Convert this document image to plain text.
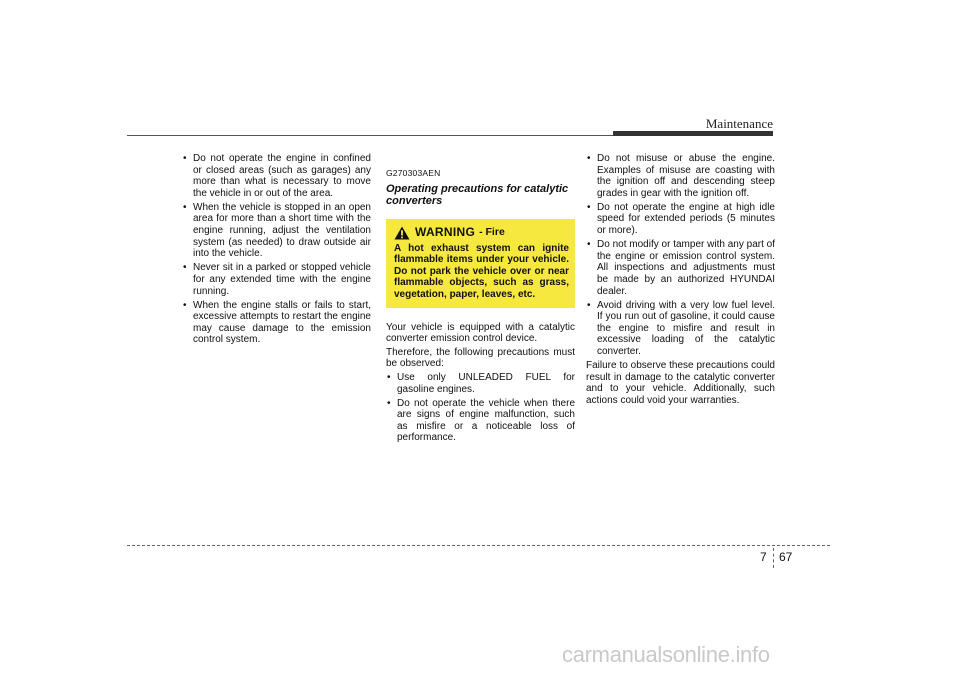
Maintenance
• Do not operate the engine in confined or closed areas (such as garages) any more than what is necessary to move the vehicle in or out of the area.
• When the vehicle is stopped in an open area for more than a short time with the engine running, adjust the ventilation system (as needed) to draw outside air into the vehicle.
• Never sit in a parked or stopped vehicle for any extended time with the engine running.
• When the engine stalls or fails to start, excessive attempts to restart the engine may cause damage to the emission control system.
G270303AEN
Operating precautions for catalytic converters
WARNING - Fire
A hot exhaust system can ignite flammable items under your vehicle. Do not park the vehicle over or near flammable objects, such as grass, vegetation, paper, leaves, etc.

Your vehicle is equipped with a catalytic converter emission control device.

Therefore, the following precautions must be observed:

• Use only UNLEADED FUEL for gasoline engines.
• Do not operate the vehicle when there are signs of engine malfunction, such as misfire or a noticeable loss of performance.
• Do not misuse or abuse the engine. Examples of misuse are coasting with the ignition off and descending steep grades in gear with the ignition off.
• Do not operate the engine at high idle speed for extended periods (5 minutes or more).
• Do not modify or tamper with any part of the engine or emission control system. All inspections and adjustments must be made by an authorized HYUNDAI dealer.
• Avoid driving with a very low fuel level. If you run out of gasoline, it could cause the engine to misfire and result in excessive loading of the catalytic converter.

Failure to observe these precautions could result in damage to the catalytic converter and to your vehicle. Additionally, such actions could void your warranties.

7 67
carmanualsonline.info
